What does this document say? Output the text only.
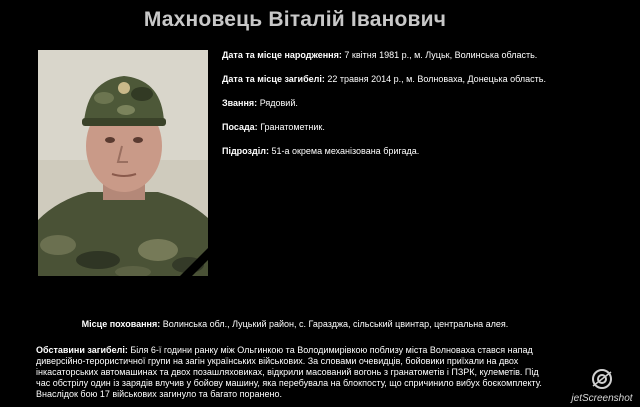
Махновець Віталій Іванович
Дата та місце народження: 7 квітня 1981 р., м. Луцьк, Волинська область.
Дата та місце загибелі: 22 травня 2014 р., м. Волноваха, Донецька область.
Звання: Рядовий.
Посада: Гранатометник.
Підрозділ: 51-а окрема механізована бригада.
Місце поховання: Волинська обл., Луцький район, с. Гаразджа, сільський цвинтар, центральна алея.
Обставини загибелі: Біля 6-ї години ранку між Ольгинкою та Володимирівкою поблизу міста Волноваха стався напад диверсійно-терористичної групи на загін українських військових. За словами очевидців, бойовики приїхали на двох інкасаторських автомашинах та двох позашляховиках, відкрили масований вогонь з гранатометів і ПЗРК, кулеметів. Під час обстрілу один із зарядів влучив у бойову машину, яка перебувала на блокпосту, що спричинило вибух боєкомплекту. Внаслідок бою 17 військових загинуло та багато поранено.	jetScreenshot
